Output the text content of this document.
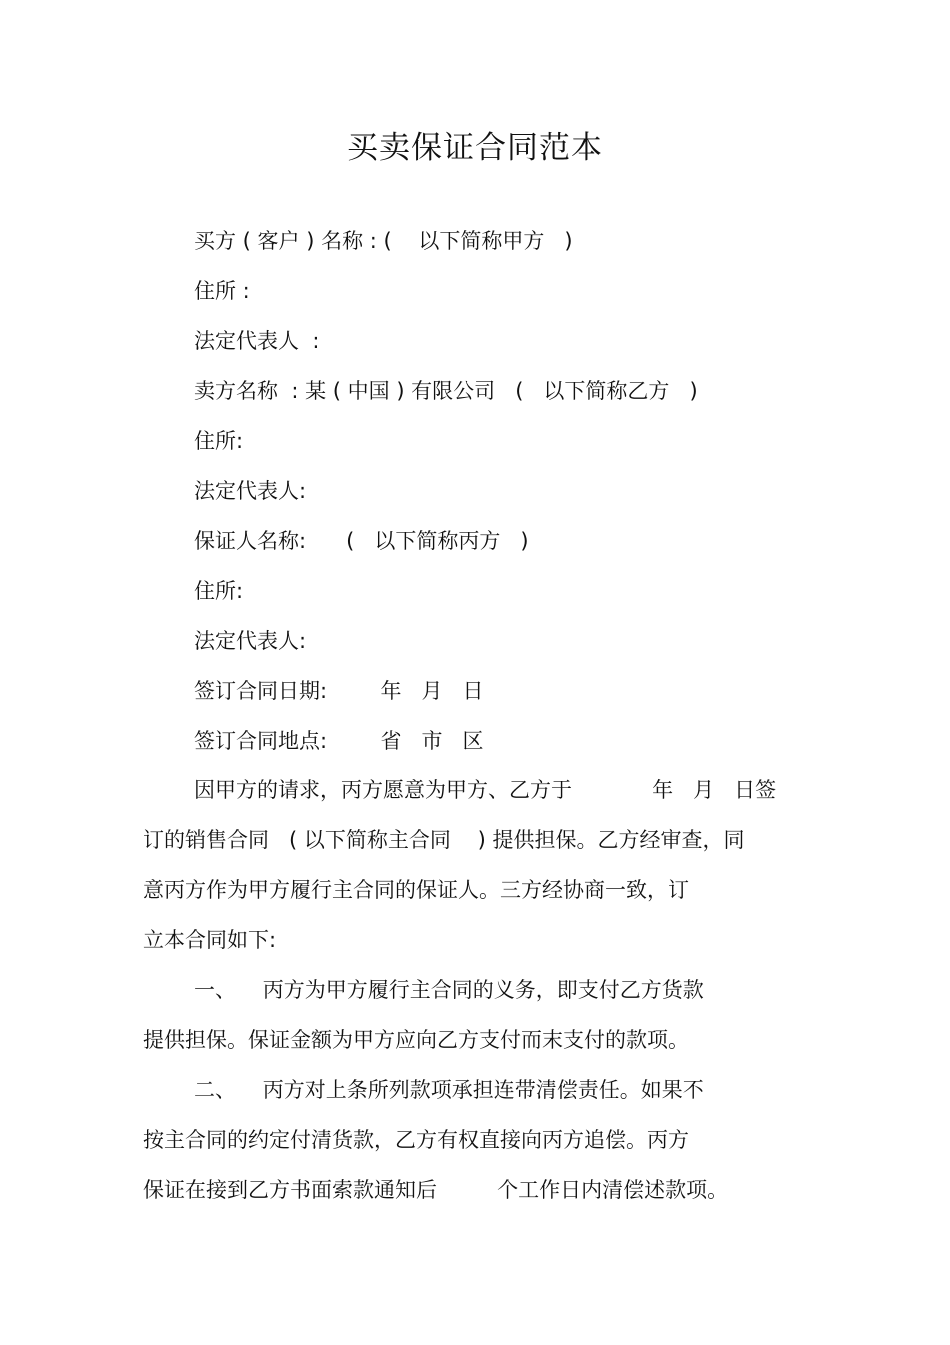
买卖保证合同范本
买方 ( 客户 ) 名称 : (    以下简称甲方   )
住所 :
法定代表人  :
卖方名称  : 某 ( 中国 ) 有限公司   (   以下简称乙方   )
住所:
法定代表人:
保证人名称:      (   以下简称丙方   )
住所:
法定代表人:
签订合同日期:        年   月   日
签订合同地点:        省   市   区
因甲方的请求，丙方愿意为甲方、乙方于            年   月   日签
订的销售合同   ( 以下简称主合同    ) 提供担保。乙方经审查，同
意丙方作为甲方履行主合同的保证人。三方经协商一致，订
立本合同如下:
一、    丙方为甲方履行主合同的义务，即支付乙方货款
提供担保。保证金额为甲方应向乙方支付而末支付的款项。
二、    丙方对上条所列款项承担连带清偿责任。如果不
按主合同的约定付清货款，乙方有权直接向丙方追偿。丙方
保证在接到乙方书面索款通知后         个工作日内清偿述款项。
